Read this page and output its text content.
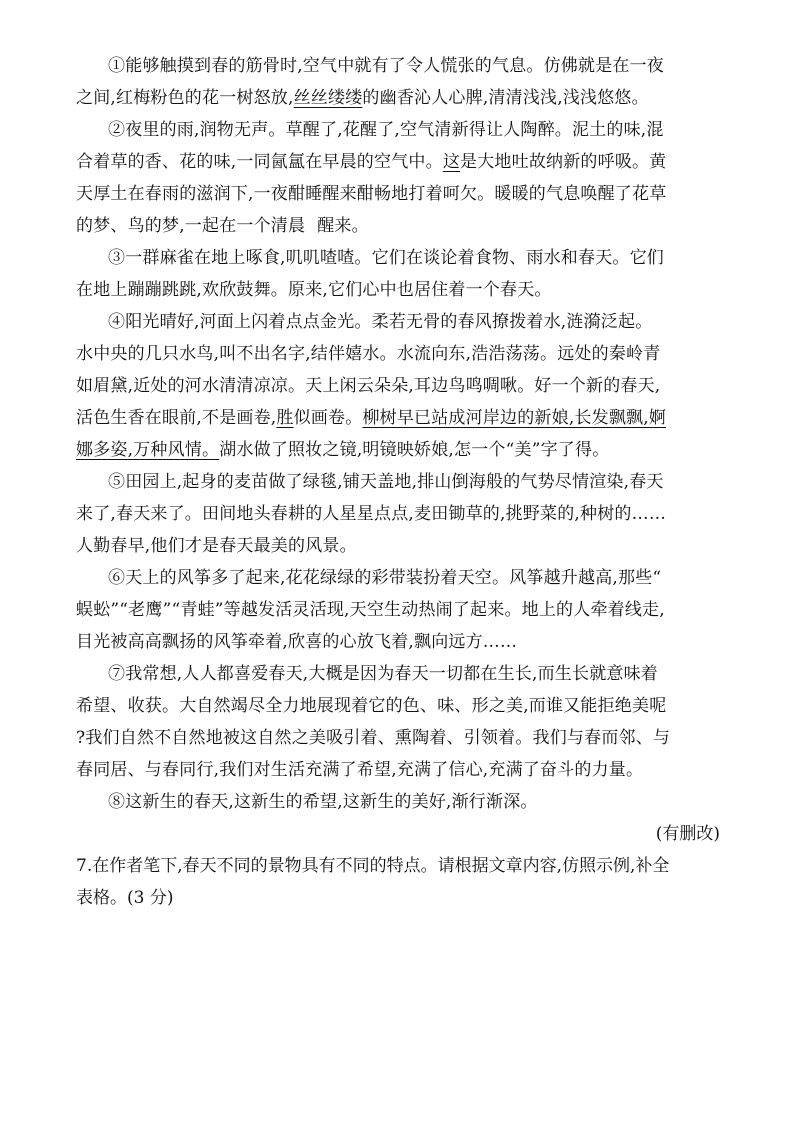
①能够触摸到春的筋骨时,空气中就有了令人慌张的气息。仿佛就是在一夜
之间,红梅粉色的花一树怒放,丝丝缕缕的幽香沁人心脾,清清浅浅,浅浅悠悠。

②夜里的雨,润物无声。草醒了,花醒了,空气清新得让人陶醉。泥土的味,混
合着草的香、花的味,一同氤氲在早晨的空气中。这是大地吐故纳新的呼吸。黄
天厚土在春雨的滋润下,一夜酣睡醒来酣畅地打着呵欠。暖暖的气息唤醒了花草
的梦、鸟的梦,一起在一个清晨 醒来。

③一群麻雀在地上啄食,叽叽喳喳。它们在谈论着食物、雨水和春天。它们
在地上蹦蹦跳跳,欢欣鼓舞。原来,它们心中也居住着一个春天。

④阳光晴好,河面上闪着点点金光。柔若无骨的春风撩拨着水,涟漪泛起。
水中央的几只水鸟,叫不出名字,结伴嬉水。水流向东,浩浩荡荡。远处的秦岭青
如眉黛,近处的河水清清凉凉。天上闲云朵朵,耳边鸟鸣啁啾。好一个新的春天,
活色生香在眼前,不是画卷,胜似画卷。柳树早已站成河岸边的新娘,长发飘飘,婀
娜多姿,万种风情。湖水做了照妆之镜,明镜映娇娘,怎一个“美”字了得。

⑤田园上,起身的麦苗做了绿毯,铺天盖地,排山倒海般的气势尽情渲染,春天
来了,春天来了。田间地头春耕的人星星点点,麦田锄草的,挑野菜的,种树的……
人勤春早,他们才是春天最美的风景。

⑥天上的风筝多了起来,花花绿绿的彩带装扮着天空。风筝越升越高,那些“
蜈蚣”“老鹰”“青蛙”等越发活灵活现,天空生动热闹了起来。地上的人牵着线走,
目光被高高飘扬的风筝牵着,欣喜的心放飞着,飘向远方……

⑦我常想,人人都喜爱春天,大概是因为春天一切都在生长,而生长就意味着
希望、收获。大自然竭尽全力地展现着它的色、味、形之美,而谁又能拒绝美呢
?我们自然不自然地被这自然之美吸引着、熏陶着、引领着。我们与春而邻、与
春同居、与春同行,我们对生活充满了希望,充满了信心,充满了奋斗的力量。

⑧这新生的春天,这新生的希望,这新生的美好,渐行渐深。

(有删改)

7.在作者笔下,春天不同的景物具有不同的特点。请根据文章内容,仿照示例,补全
表格。(3 分)
